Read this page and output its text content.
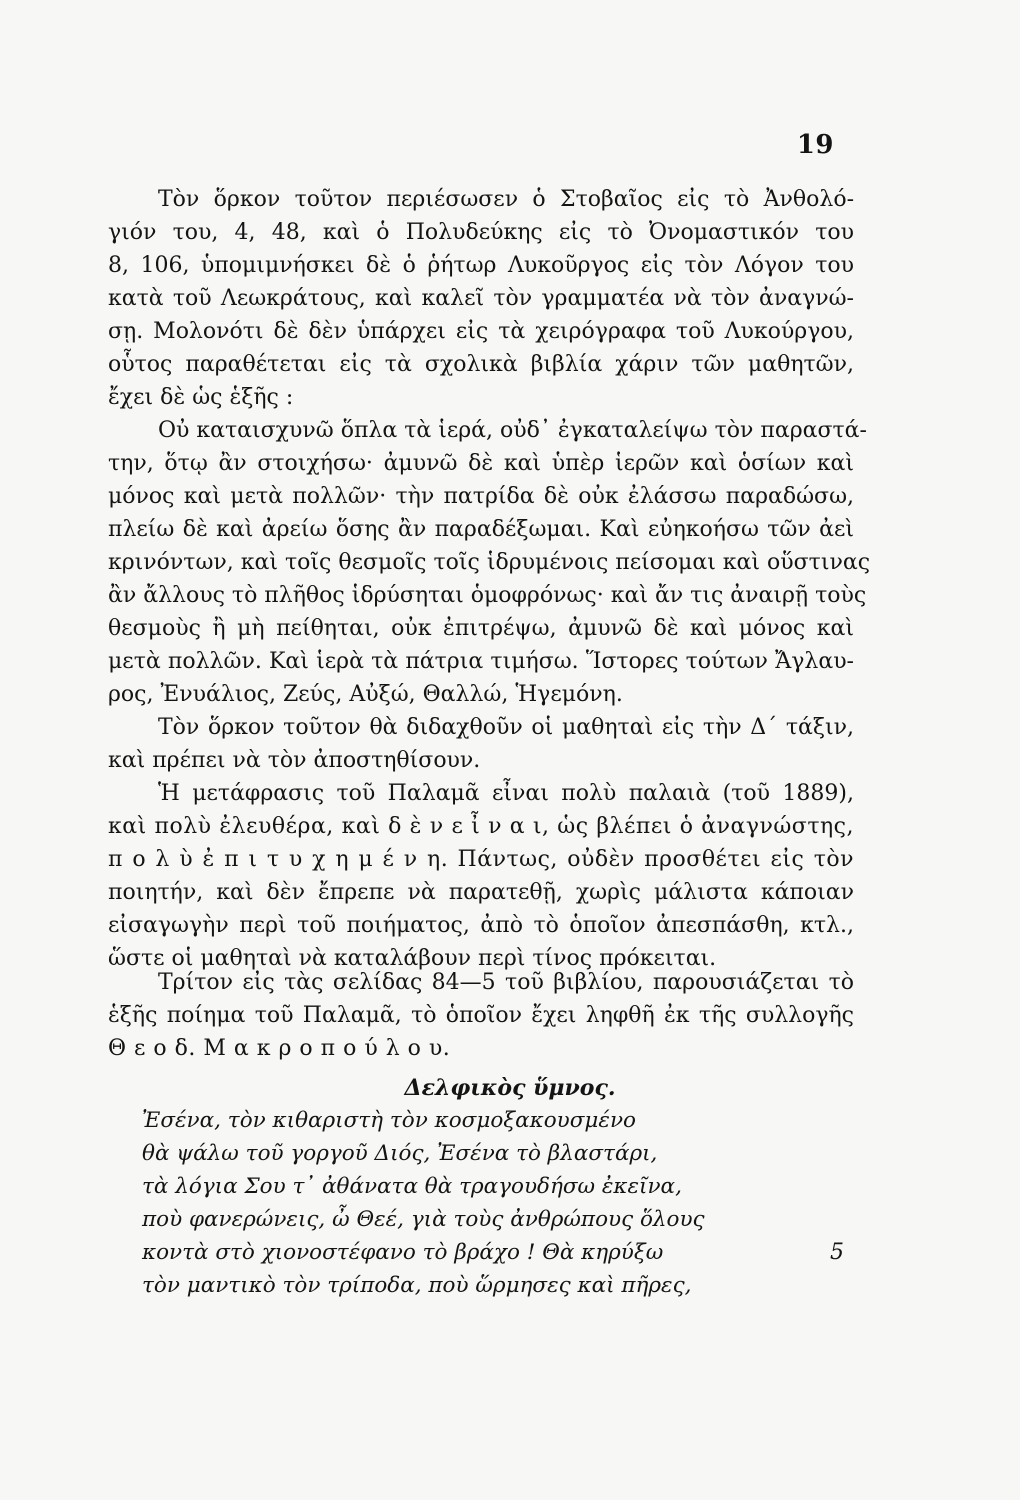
19
Τὸν ὅρκον τοῦτον περιέσωσεν ὁ Στοβαῖος εἰς τὸ Ἀνθολό-
γιόν του, 4, 48, καὶ ὁ Πολυδεύκης εἰς τὸ Ὀνομαστικόν του
8, 106, ὑπομιμνήσκει δὲ ὁ ῥήτωρ Λυκοῦργος εἰς τὸν Λόγον του
κατὰ τοῦ Λεωκράτους, καὶ καλεῖ τὸν γραμματέα νὰ τὸν ἀναγνώ-
σῃ. Μολονότι δὲ δὲν ὑπάρχει εἰς τὰ χειρόγραφα τοῦ Λυκούργου,
οὗτος παραθέτεται εἰς τὰ σχολικὰ βιβλία χάριν τῶν μαθητῶν,
ἔχει δὲ ὡς ἑξῆς :
Οὐ καταισχυνῶ ὅπλα τὰ ἱερά, οὐδ᾽ ἐγκαταλείψω τὸν παραστά-
την, ὅτῳ ἂν στοιχήσω· ἀμυνῶ δὲ καὶ ὑπὲρ ἱερῶν καὶ ὁσίων καὶ
μόνος καὶ μετὰ πολλῶν· τὴν πατρίδα δὲ οὐκ ἐλάσσω παραδώσω,
πλείω δὲ καὶ ἀρείω ὅσης ἂν παραδέξωμαι. Καὶ εὐηκοήσω τῶν ἀεὶ
κρινόντων, καὶ τοῖς θεσμοῖς τοῖς ἱδρυμένοις πείσομαι καὶ οὕστινας
ἂν ἄλλους τὸ πλῆθος ἱδρύσηται ὁμοφρόνως· καὶ ἄν τις ἀναιρῇ τοὺς
θεσμοὺς ἢ μὴ πείθηται, οὐκ ἐπιτρέψω, ἀμυνῶ δὲ καὶ μόνος καὶ
μετὰ πολλῶν. Καὶ ἱερὰ τὰ πάτρια τιμήσω. Ἵστορες τούτων Ἄγλαυ-
ρος, Ἐνυάλιος, Ζεύς, Αὐξώ, Θαλλώ, Ἡγεμόνη.
Τὸν ὅρκον τοῦτον θὰ διδαχθοῦν οἱ μαθηταὶ εἰς τὴν Δ΄ τάξιν,
καὶ πρέπει νὰ τὸν ἀποστηθίσουν.
Ἡ μετάφρασις τοῦ Παλαμᾶ εἶναι πολὺ παλαιὰ (τοῦ 1889),
καὶ πολὺ ἐλευθέρα, καὶ δ ὲ ν ε ἶ ν α ι, ὡς βλέπει ὁ ἀναγνώστης,
π ο λ ὺ ἐ π ι τ υ χ η μ έ ν η. Πάντως, οὐδὲν προσθέτει εἰς τὸν
ποιητήν, καὶ δὲν ἔπρεπε νὰ παρατεθῇ, χωρὶς μάλιστα κάποιαν
εἰσαγωγὴν περὶ τοῦ ποιήματος, ἀπὸ τὸ ὁποῖον ἀπεσπάσθη, κτλ.,
ὥστε οἱ μαθηταὶ νὰ καταλάβουν περὶ τίνος πρόκειται.
Τρίτον εἰς τὰς σελίδας 84—5 τοῦ βιβλίου, παρουσιάζεται τὸ
ἑξῆς ποίημα τοῦ Παλαμᾶ, τὸ ὁποῖον ἔχει ληφθῆ ἐκ τῆς συλλογῆς
Θ ε ο δ. Μ α κ ρ ο π ο ύ λ ο υ.
Δελφικὸς ὕμνος.
Ἐσένα, τὸν κιθαριστὴ τὸν κοσμοξακουσμένο
θὰ ψάλω τοῦ γοργοῦ Διός, Ἐσένα τὸ βλαστάρι,
τὰ λόγια Σου τ᾽ ἀθάνατα θὰ τραγουδήσω ἐκεῖνα,
ποὺ φανερώνεις, ὦ Θεέ, γιὰ τοὺς ἀνθρώπους ὅλους
κοντὰ στὸ χιονοστέφανο τὸ βράχο ! Θὰ κηρύξω	5
τὸν μαντικὸ τὸν τρίποδα, ποὺ ὥρμησες καὶ πῆρες,
